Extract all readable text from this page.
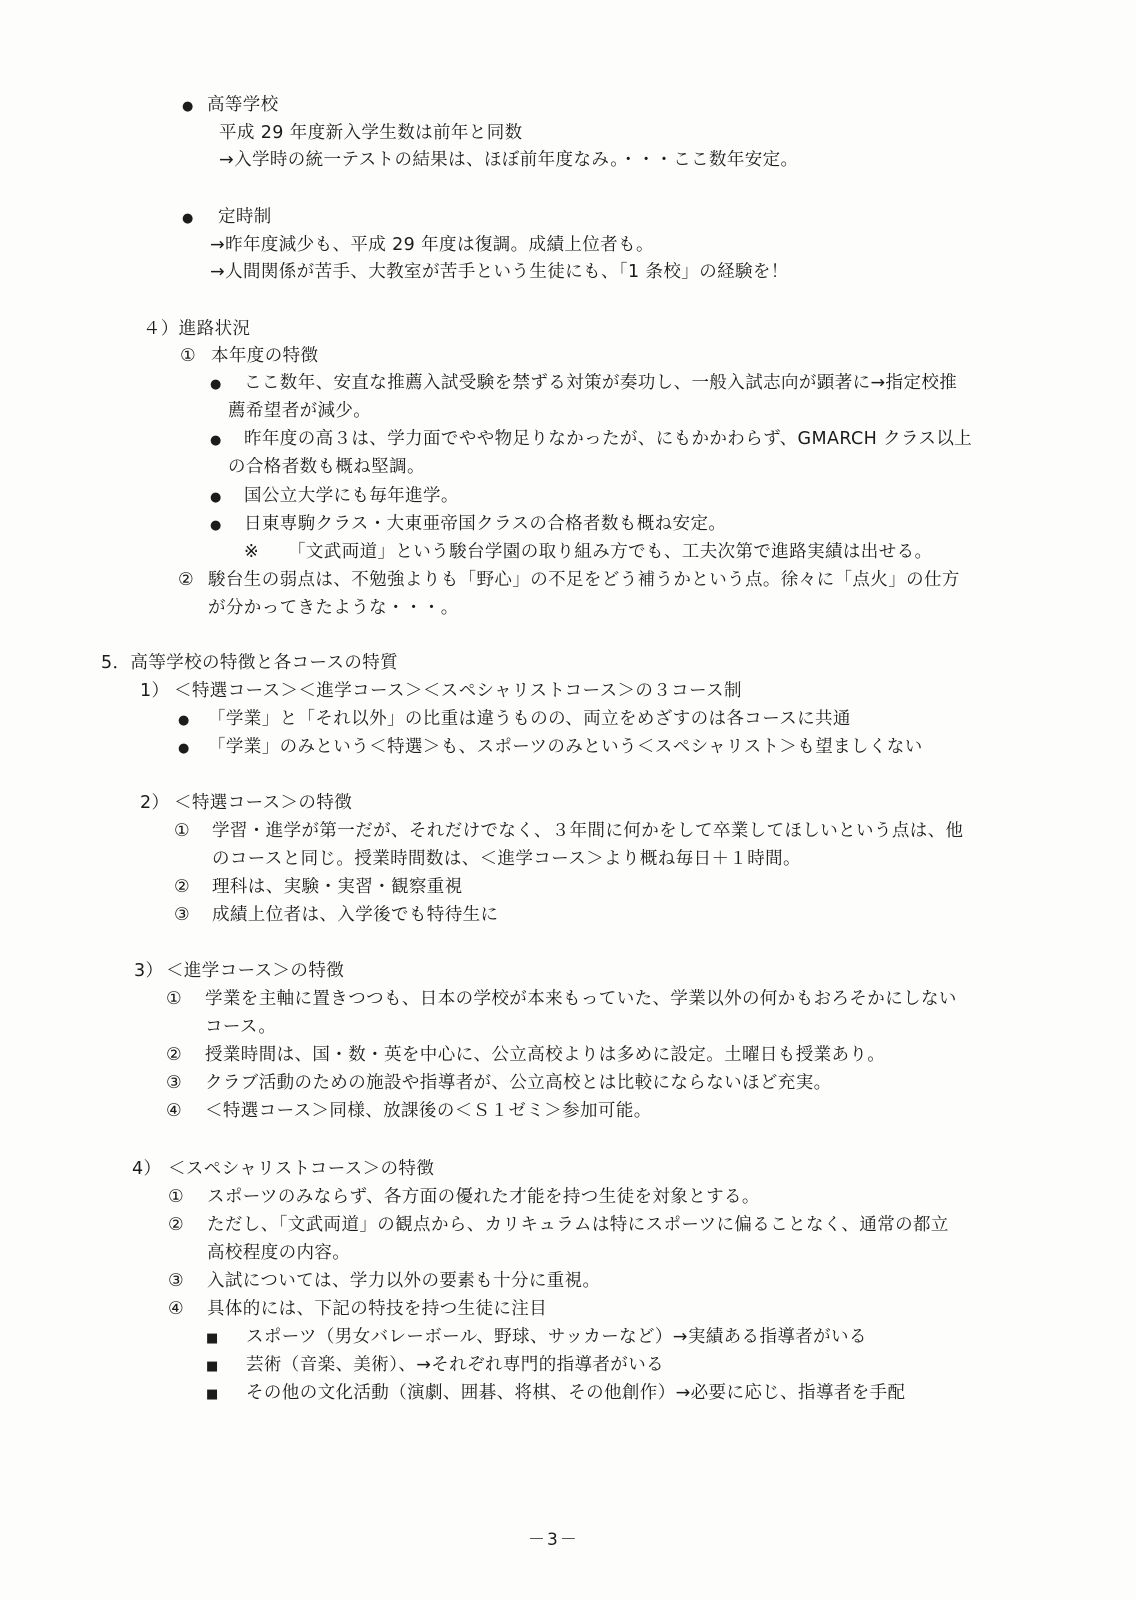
● 高等学校
平成 29 年度新入学生数は前年と同数
→入学時の統一テストの結果は、ほぼ前年度なみ。・・・ここ数年安定。
● 定時制
→昨年度減少も、平成 29 年度は復調。成績上位者も。
→人間関係が苦手、大教室が苦手という生徒にも、「1 条校」の経験を！
４）進路状況
① 本年度の特徴
● ここ数年、安直な推薦入試受験を禁ずる対策が奏功し、一般入試志向が顕著に→指定校推
薦希望者が減少。
● 昨年度の高３は、学力面でやや物足りなかったが、にもかかわらず、GMARCH クラス以上
の合格者数も概ね堅調。
● 国公立大学にも毎年進学。
● 日東専駒クラス・大東亜帝国クラスの合格者数も概ね安定。
※ 「文武両道」という駿台学園の取り組み方でも、工夫次第で進路実績は出せる。
② 駿台生の弱点は、不勉強よりも「野心」の不足をどう補うかという点。徐々に「点火」の仕方
が分かってきたような・・・。
5．高等学校の特徴と各コースの特質
1） ＜特選コース＞＜進学コース＞＜スペシャリストコース＞の３コース制
● 「学業」と「それ以外」の比重は違うものの、両立をめざすのは各コースに共通
● 「学業」のみという＜特選＞も、スポーツのみという＜スペシャリスト＞も望ましくない
2） ＜特選コース＞の特徴
① 学習・進学が第一だが、それだけでなく、３年間に何かをして卒業してほしいという点は、他
のコースと同じ。授業時間数は、＜進学コース＞より概ね毎日＋１時間。
② 理科は、実験・実習・観察重視
③ 成績上位者は、入学後でも特待生に
3） ＜進学コース＞の特徴
① 学業を主軸に置きつつも、日本の学校が本来もっていた、学業以外の何かもおろそかにしない
コース。
② 授業時間は、国・数・英を中心に、公立高校よりは多めに設定。土曜日も授業あり。
③ クラブ活動のための施設や指導者が、公立高校とは比較にならないほど充実。
④ ＜特選コース＞同様、放課後の＜Ｓ１ゼミ＞参加可能。
4） ＜スペシャリストコース＞の特徴
① スポーツのみならず、各方面の優れた才能を持つ生徒を対象とする。
② ただし、「文武両道」の観点から、カリキュラムは特にスポーツに偏ることなく、通常の都立
高校程度の内容。
③ 入試については、学力以外の要素も十分に重視。
④ 具体的には、下記の特技を持つ生徒に注目
■ スポーツ（男女バレーボール、野球、サッカーなど）→実績ある指導者がいる
■ 芸術（音楽、美術）、→それぞれ専門的指導者がいる
■ その他の文化活動（演劇、囲碁、将棋、その他創作）→必要に応じ、指導者を手配
－3－
